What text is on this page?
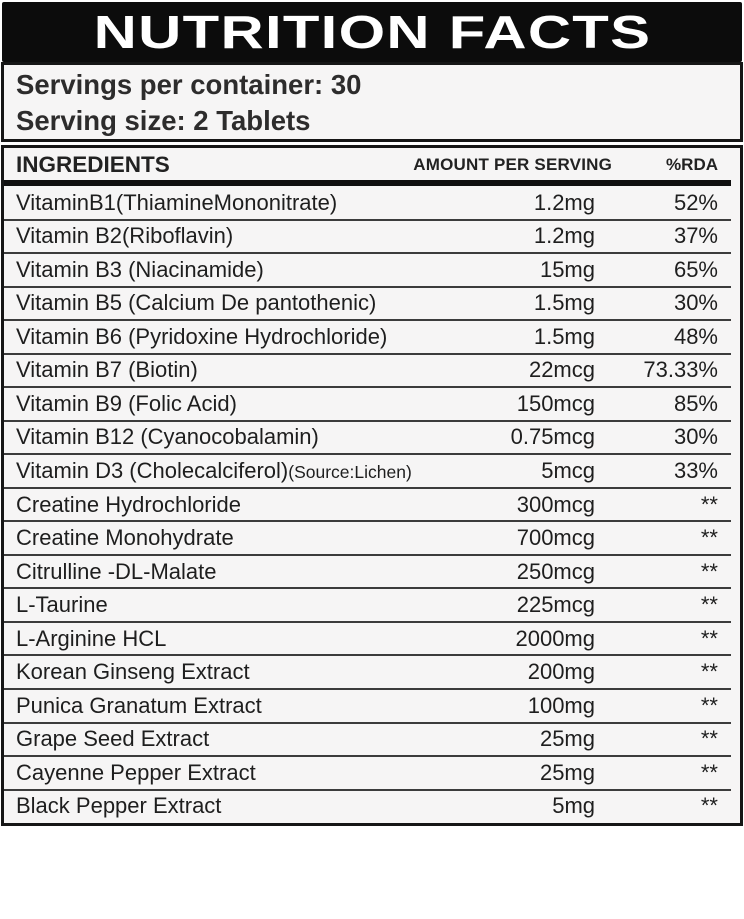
NUTRITION FACTS
Servings per container: 30
Serving size: 2 Tablets
INGREDIENTS	AMOUNT PER SERVING	%RDA
VitaminB1(ThiamineMononitrate)	1.2mg	52%
Vitamin B2(Riboflavin)	1.2mg	37%
Vitamin B3 (Niacinamide)	15mg	65%
Vitamin B5 (Calcium De pantothenic)	1.5mg	30%
Vitamin B6 (Pyridoxine Hydrochloride)	1.5mg	48%
Vitamin B7 (Biotin)	22mcg	73.33%
Vitamin B9 (Folic Acid)	150mcg	85%
Vitamin B12 (Cyanocobalamin)	0.75mcg	30%
Vitamin D3 (Cholecalciferol)(Source:Lichen)	5mcg	33%
Creatine Hydrochloride	300mcg	**
Creatine Monohydrate	700mcg	**
Citrulline -DL-Malate	250mcg	**
L-Taurine	225mcg	**
L-Arginine HCL	2000mg	**
Korean Ginseng Extract	200mg	**
Punica Granatum Extract	100mg	**
Grape Seed Extract	25mg	**
Cayenne Pepper Extract	25mg	**
Black Pepper Extract	5mg	**
